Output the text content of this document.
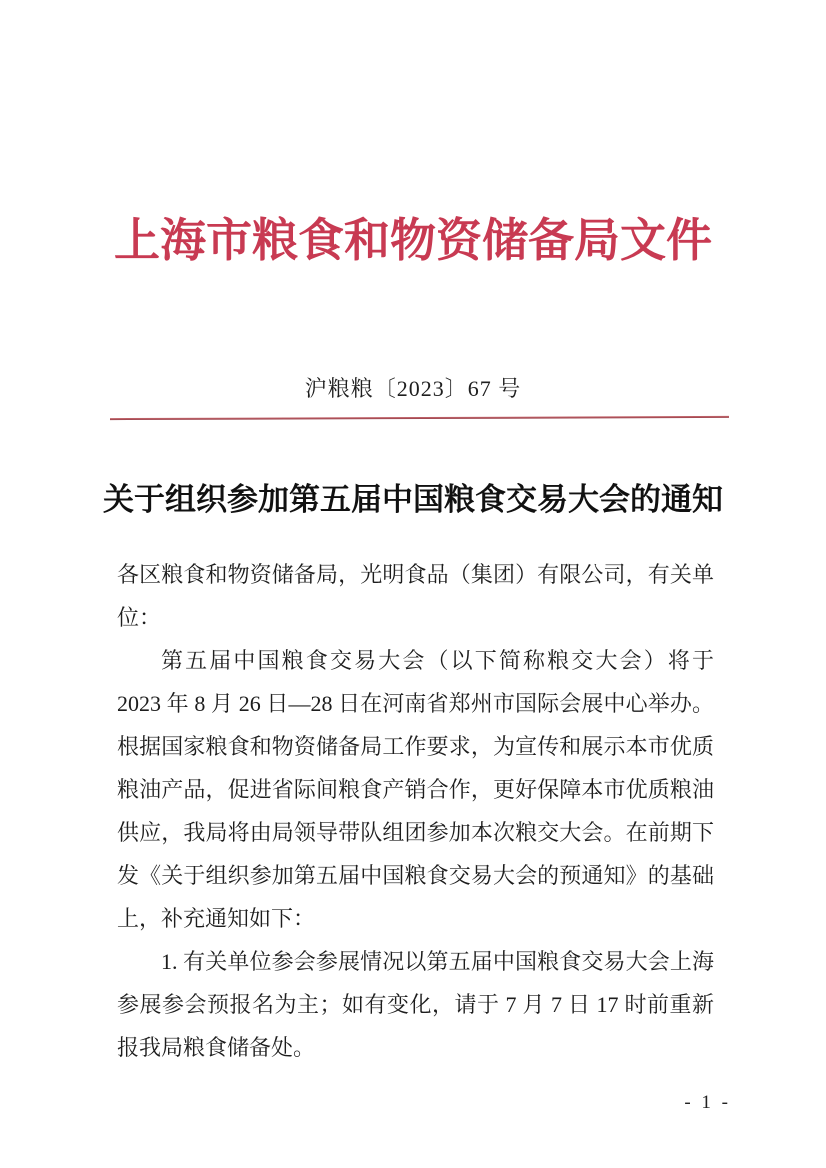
上海市粮食和物资储备局文件
沪粮粮〔2023〕67 号
关于组织参加第五届中国粮食交易大会的通知

各区粮食和物资储备局，光明食品（集团）有限公司，有关单位：

第五届中国粮食交易大会（以下简称粮交大会）将于 2023 年 8 月 26 日—28 日在河南省郑州市国际会展中心举办。根据国家粮食和物资储备局工作要求，为宣传和展示本市优质粮油产品，促进省际间粮食产销合作，更好保障本市优质粮油供应，我局将由局领导带队组团参加本次粮交大会。在前期下发《关于组织参加第五届中国粮食交易大会的预通知》的基础上，补充通知如下：

1. 有关单位参会参展情况以第五届中国粮食交易大会上海参展参会预报名为主；如有变化，请于 7 月 7 日 17 时前重新报我局粮食储备处。

- 1 -
